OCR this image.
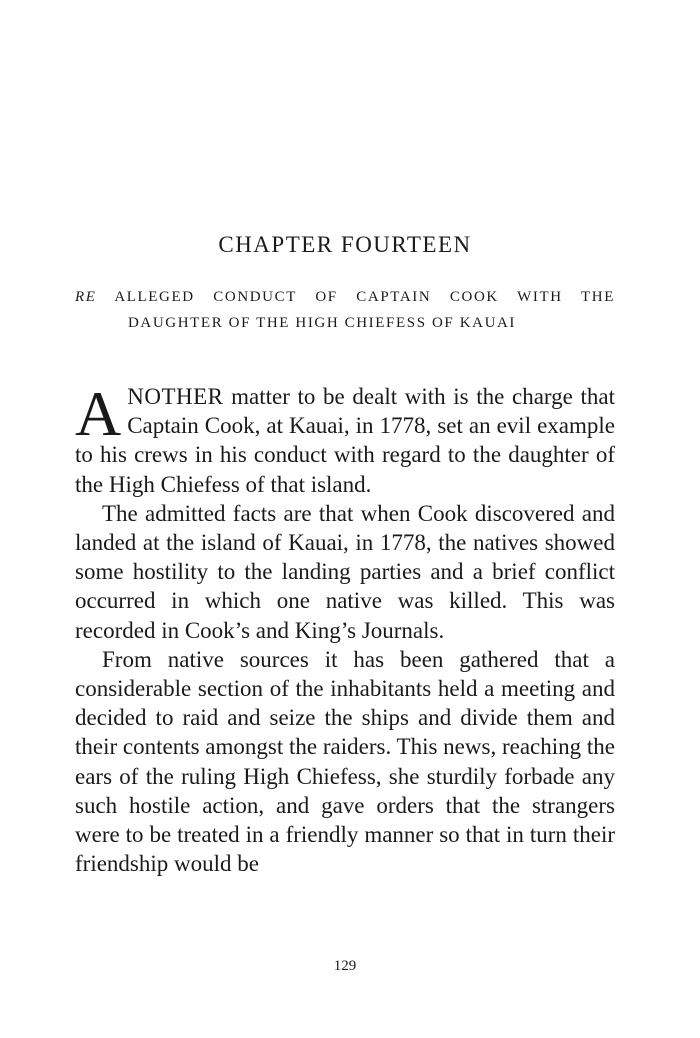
CHAPTER FOURTEEN

RE ALLEGED CONDUCT OF CAPTAIN COOK WITH THE DAUGHTER OF THE HIGH CHIEFESS OF KAUAI

ANOTHER matter to be dealt with is the charge that Captain Cook, at Kauai, in 1778, set an evil example to his crews in his conduct with regard to the daughter of the High Chiefess of that island.

The admitted facts are that when Cook discovered and landed at the island of Kauai, in 1778, the natives showed some hostility to the landing parties and a brief conflict occurred in which one native was killed. This was recorded in Cook’s and King’s Journals.

From native sources it has been gathered that a considerable section of the inhabitants held a meeting and decided to raid and seize the ships and divide them and their contents amongst the raiders. This news, reaching the ears of the ruling High Chiefess, she sturdily forbade any such hostile action, and gave orders that the strangers were to be treated in a friendly manner so that in turn their friendship would be

129
